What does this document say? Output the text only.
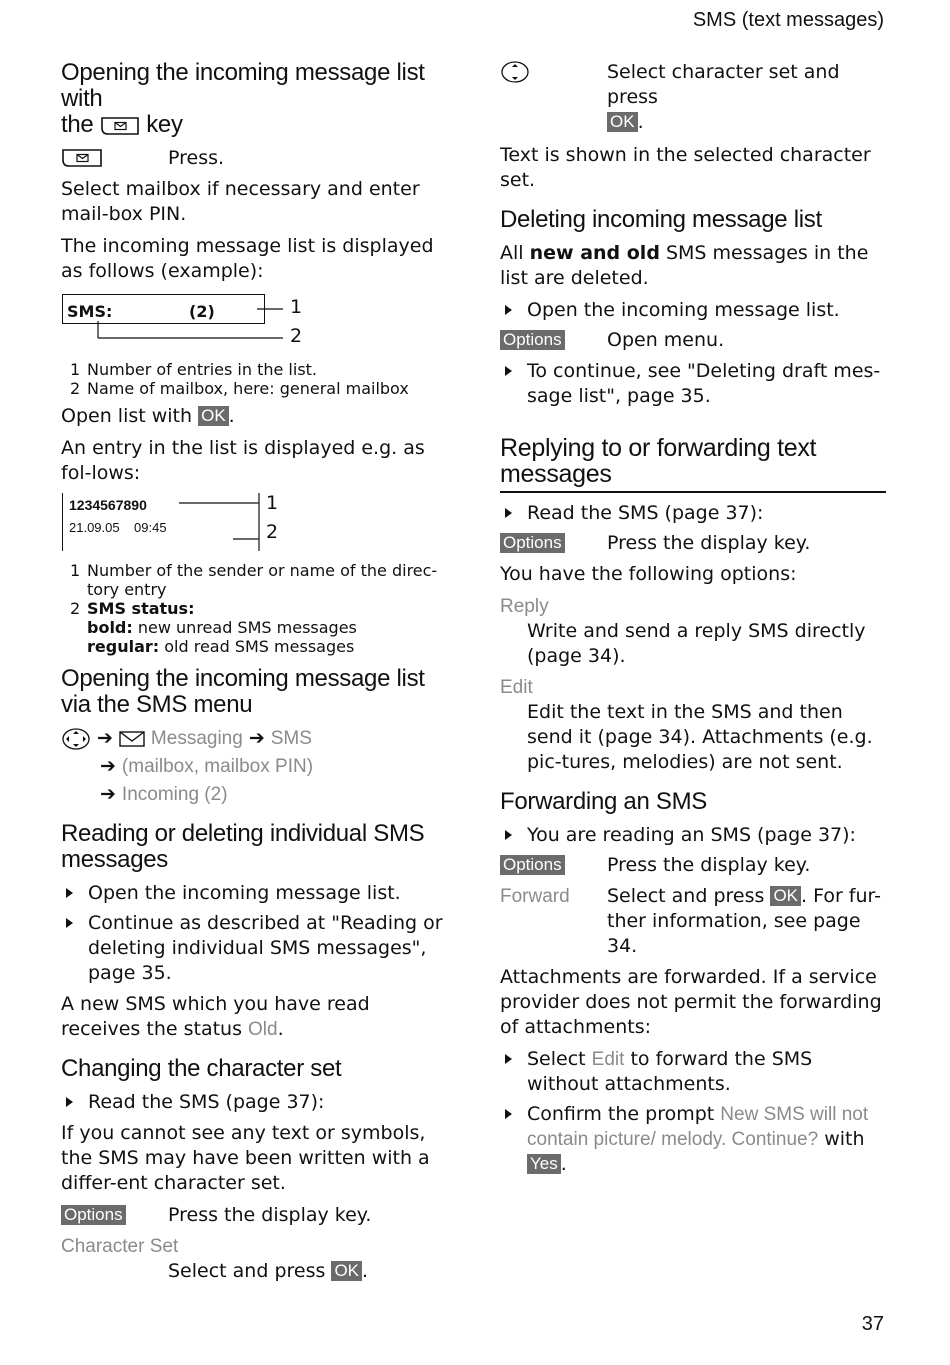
SMS (text messages)
Opening the incoming message list with
the key
Press.

Select mailbox if necessary and enter mail-box PIN.

The incoming message list is displayed as follows (example):

SMS:	(2)	1
2
1 Number of entries in the list.
2 Name of mailbox, here: general mailbox

Open list with OK .

An entry in the list is displayed e.g. as fol-lows:

1234567890
21.09.05    09:45
1
2
1 Number of the sender or name of the direc-tory entry
2 SMS status:
bold: new unread SMS messages
regular: old read SMS messages
Opening the incoming message list via the SMS menu
➔ Messaging ➔ SMS
➔ (mailbox, mailbox PIN)
➔ Incoming (2)
Reading or deleting individual SMS messages
Open the incoming message list.
Continue as described at "Reading or deleting individual SMS messages", page 35.

A new SMS which you have read receives the status Old.

Changing the character set
Read the SMS (page 37):

If you cannot see any text or symbols, the SMS may have been written with a differ-ent character set.

Options	Press the display key.
Character Set
Select and press OK .
Select character set and press
OK .

Text is shown in the selected character set.

Deleting incoming message list

All new and old SMS messages in the list are deleted.

Open the incoming message list.
Options	Open menu.
To continue, see "Deleting draft mes-sage list", page 35.
Replying to or forwarding text messages
Read the SMS (page 37):
Options	Press the display key.

You have the following options:

Reply
Write and send a reply SMS directly (page 34).
Edit
Edit the text in the SMS and then send it (page 34). Attachments (e.g. pic-tures, melodies) are not sent.
Forwarding an SMS
You are reading an SMS (page 37):
Options	Press the display key.
Forward	Select and press OK . For fur-ther information, see page 34.

Attachments are forwarded. If a service provider does not permit the forwarding of attachments:

Select Edit to forward the SMS without attachments.
Confirm the prompt New SMS will not contain picture/ melody. Continue? with
Yes .
37
